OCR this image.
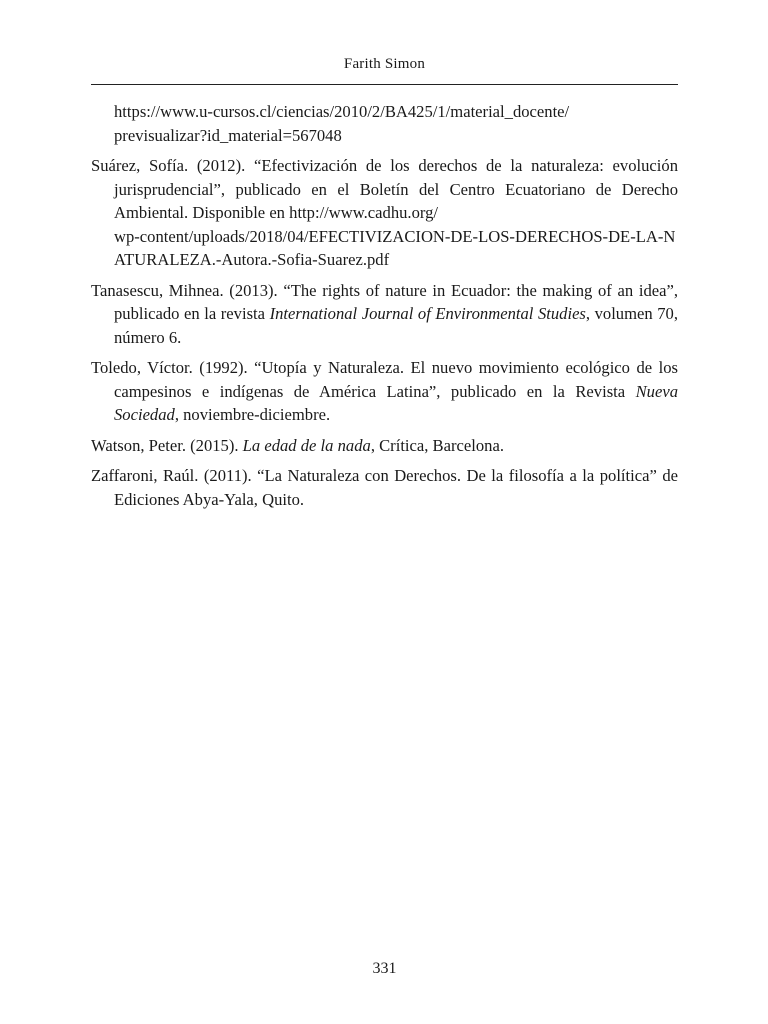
Farith Simon

https://www.u-cursos.cl/ciencias/2010/2/BA425/1/material_docente/
previsualizar?id_material=567048

Suárez, Sofía. (2012). “Efectivización de los derechos de la naturaleza: evolución jurisprudencial”, publicado en el Boletín del Centro Ecuatoriano de Derecho Ambiental. Disponible en http://www.cadhu.org/
wp-content/uploads/2018/04/EFECTIVIZACION-DE-LOS-DERECHOS-DE-LA-NATURALEZA.-Autora.-Sofia-Suarez.pdf

Tanasescu, Mihnea. (2013). “The rights of nature in Ecuador: the making of an idea”, publicado en la revista International Journal of Environmental Studies, volumen 70, número 6.

Toledo, Víctor. (1992). “Utopía y Naturaleza. El nuevo movimiento ecológico de los campesinos e indígenas de América Latina”, publicado en la Revista Nueva Sociedad, noviembre-diciembre.

Watson, Peter. (2015). La edad de la nada, Crítica, Barcelona.

Zaffaroni, Raúl. (2011). “La Naturaleza con Derechos. De la filosofía a la política” de Ediciones Abya-Yala, Quito.

331
